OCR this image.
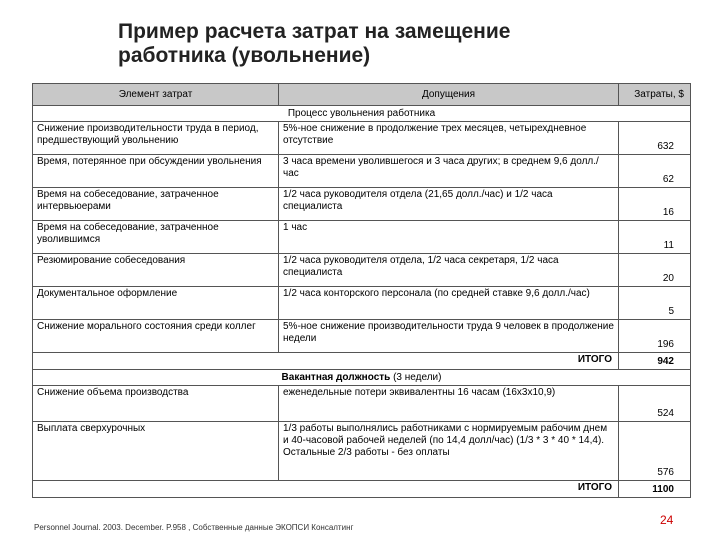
Пример расчета затрат на замещение
работника (увольнение)
Элемент затрат	Допущения	Затраты, $
Процесс увольнения работника		
Снижение производительности труда в период, предшествующий увольнению	5%-ное снижение в продолжение трех месяцев, четырехдневное отсутствие	632
Время, потерянное при обсуждении увольнения	3 часа времени уволившегося и 3 часа других; в среднем 9,6 долл./час	62
Время на собеседование, затраченное интервьюерами	1/2 часа руководителя отдела (21,65 долл./час) и 1/2 часа специалиста	16
Время на собеседование, затраченное уволившимся	1 час	11
Резюмирование собеседования	1/2 часа руководителя отдела, 1/2 часа секретаря, 1/2 часа специалиста	20
Документальное оформление	1/2 часа конторского персонала (по средней ставке 9,6 долл./час)	5
Снижение морального состояния среди коллег	5%-ное снижение производительности труда 9 человек в продолжение недели	196
ИТОГО		942
Вакантная должность (3 недели)		
Снижение объема производства	еженедельные потери эквивалентны 16 часам (16х3х10,9)	524
Выплата сверхурочных	1/3 работы выполнялись работниками с нормируемым рабочим днем и 40-часовой рабочей неделей (по 14,4 долл/час) (1/3 * 3 * 40 * 14,4). Остальные 2/3 работы - без оплаты	576
ИТОГО		1100
Personnel Journal. 2003. December. P.958 , Собственные данные ЭКОПСИ Консалтинг
24
